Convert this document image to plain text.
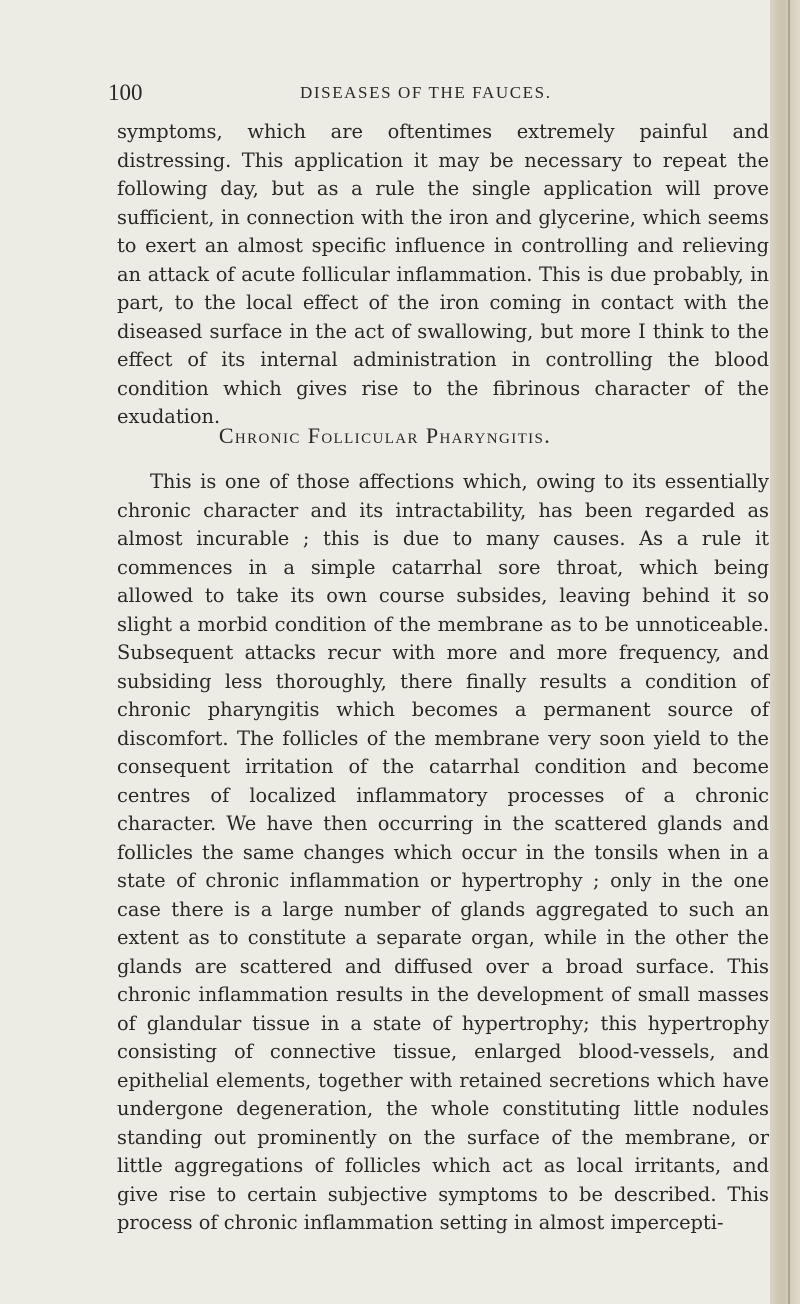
100	DISEASES OF THE FAUCES.

symptoms, which are oftentimes extremely painful and distressing. This application it may be necessary to repeat the following day, but as a rule the single application will prove sufficient, in connection with the iron and glycerine, which seems to exert an almost specific influence in controlling and relieving an attack of acute follicular inflammation. This is due probably, in part, to the local effect of the iron coming in contact with the diseased surface in the act of swallowing, but more I think to the effect of its internal administration in controlling the blood condition which gives rise to the fibrinous character of the exudation.

Chronic Follicular Pharyngitis.

This is one of those affections which, owing to its essentially chronic character and its intractability, has been regarded as almost incurable ; this is due to many causes. As a rule it commences in a simple catarrhal sore throat, which being allowed to take its own course subsides, leaving behind it so slight a morbid condition of the membrane as to be unnoticeable. Subsequent attacks recur with more and more frequency, and subsiding less thoroughly, there finally results a condition of chronic pharyngitis which becomes a permanent source of discomfort. The follicles of the membrane very soon yield to the consequent irritation of the catarrhal condition and become centres of localized inflammatory processes of a chronic character. We have then occurring in the scattered glands and follicles the same changes which occur in the tonsils when in a state of chronic inflammation or hypertrophy ; only in the one case there is a large number of glands aggregated to such an extent as to constitute a separate organ, while in the other the glands are scattered and diffused over a broad surface. This chronic inflammation results in the development of small masses of glandular tissue in a state of hypertrophy; this hypertrophy consisting of connective tissue, enlarged blood-vessels, and epithelial elements, together with retained secretions which have undergone degeneration, the whole constituting little nodules standing out prominently on the surface of the membrane, or little aggregations of follicles which act as local irritants, and give rise to certain subjective symptoms to be described. This process of chronic inflammation setting in almost impercepti-
